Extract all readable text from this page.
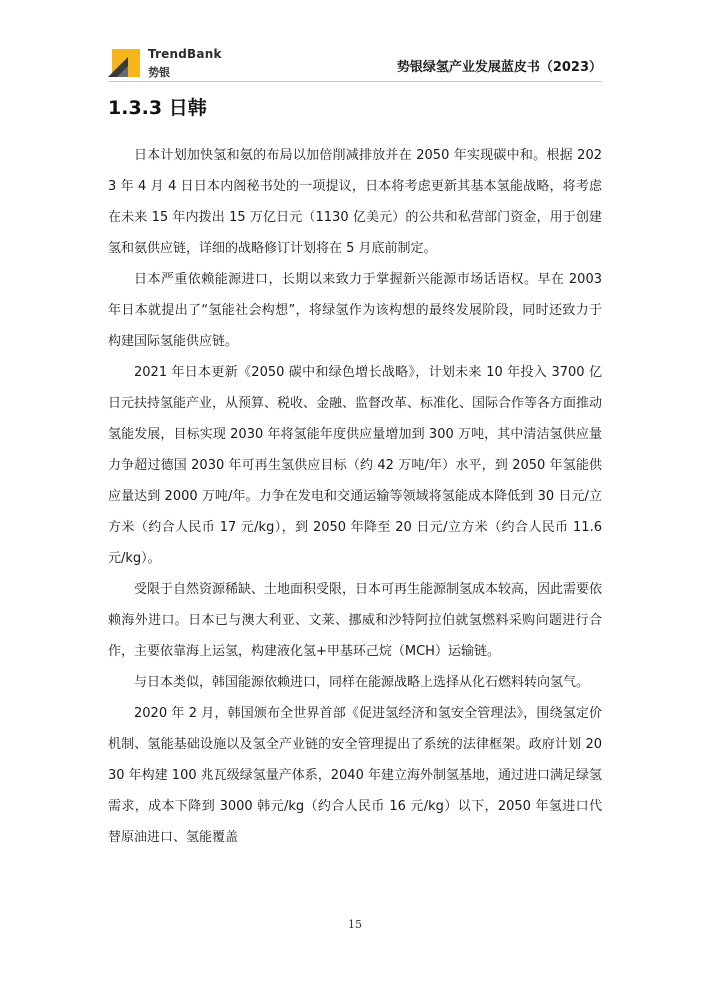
TrendBank
势银	势银绿氢产业发展蓝皮书（2023）
1.3.3 日韩

日本计划加快氢和氨的布局以加倍削减排放并在 2050 年实现碳中和。根据 2023 年 4 月 4 日日本内阁秘书处的一项提议，日本将考虑更新其基本氢能战略，将考虑在未来 15 年内拨出 15 万亿日元（1130 亿美元）的公共和私营部门资金，用于创建氢和氨供应链，详细的战略修订计划将在 5 月底前制定。

日本严重依赖能源进口，长期以来致力于掌握新兴能源市场话语权。早在 2003 年日本就提出了“氢能社会构想”，将绿氢作为该构想的最终发展阶段，同时还致力于构建国际氢能供应链。

2021 年日本更新《2050 碳中和绿色增长战略》，计划未来 10 年投入 3700 亿日元扶持氢能产业，从预算、税收、金融、监督改革、标准化、国际合作等各方面推动氢能发展，目标实现 2030 年将氢能年度供应量增加到 300 万吨，其中清洁氢供应量力争超过德国 2030 年可再生氢供应目标（约 42 万吨/年）水平，到 2050 年氢能供应量达到 2000 万吨/年。力争在发电和交通运输等领域将氢能成本降低到 30 日元/立方米（约合人民币 17 元/kg），到 2050 年降至 20 日元/立方米（约合人民币 11.6 元/kg）。

受限于自然资源稀缺、土地面积受限，日本可再生能源制氢成本较高，因此需要依赖海外进口。日本已与澳大利亚、文莱、挪威和沙特阿拉伯就氢燃料采购问题进行合作，主要依靠海上运氢，构建液化氢+甲基环己烷（MCH）运输链。

与日本类似，韩国能源依赖进口，同样在能源战略上选择从化石燃料转向氢气。

2020 年 2 月，韩国颁布全世界首部《促进氢经济和氢安全管理法》，围绕氢定价机制、氢能基础设施以及氢全产业链的安全管理提出了系统的法律框架。政府计划 2030 年构建 100 兆瓦级绿氢量产体系，2040 年建立海外制氢基地，通过进口满足绿氢需求，成本下降到 3000 韩元/kg（约合人民币 16 元/kg）以下，2050 年氢进口代替原油进口、氢能覆盖

15
